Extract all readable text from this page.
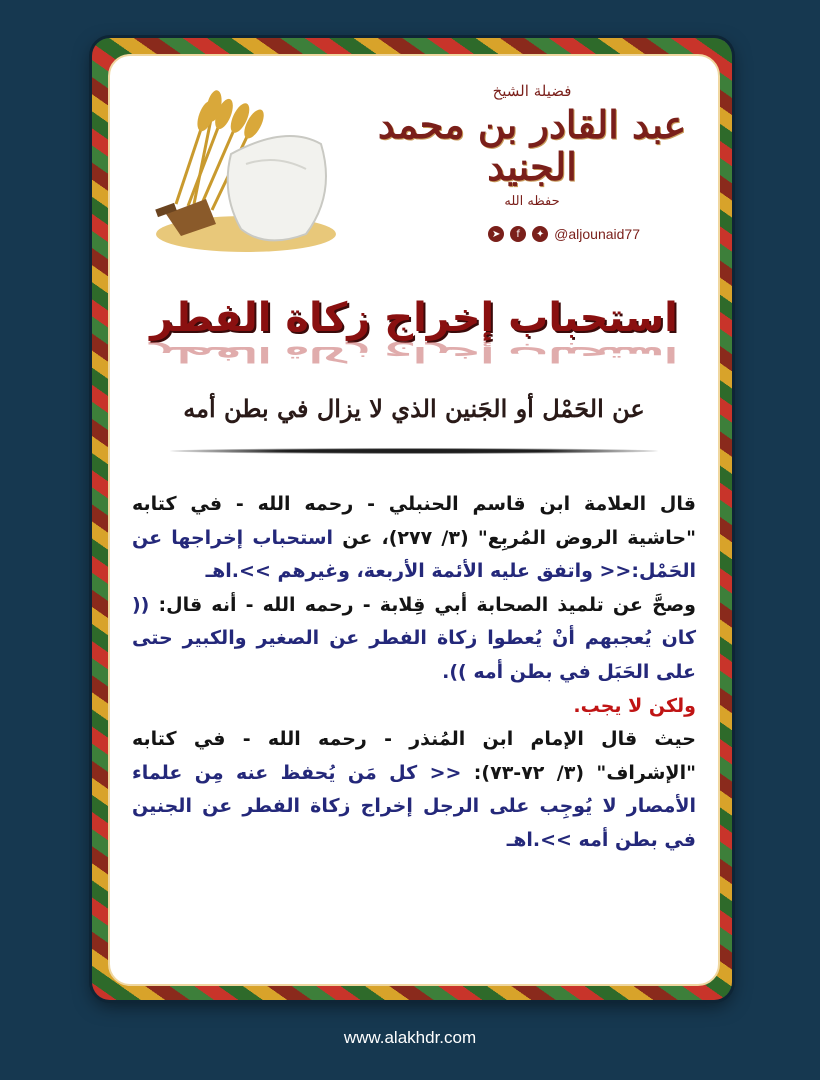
فضيلة الشيخ
عبد القادر بن محمد الجنيد
حفظه الله
➤	f	✦ @aljounaid77
استحباب إخراج زكاة الفطر
استحباب إخراج زكاة الفطر
عن الحَمْل أو الجَنين الذي لا يزال في بطن أمه

قال العلامة ابن قاسم الحنبلي - رحمه الله - في كتابه "حاشية الروض المُربِع" (٣/ ٢٧٧)، عن استحباب إخراجها عن الحَمْل:<< واتفق عليه الأئمة الأربعة، وغيرهم >>.اهـ

وصحَّ عن تلميذ الصحابة أبي قِلابة - رحمه الله - أنه قال: (( كان يُعجبهم أنْ يُعطوا زكاة الفطر عن الصغير والكبير حتى على الحَبَل في بطن أمه )).

ولكن لا يجب.

حيث قال الإمام ابن المُنذر - رحمه الله - في كتابه "الإشراف" (٣/ ٧٢-٧٣): << كل مَن يُحفظ عنه مِن علماء الأمصار لا يُوجِب على الرجل إخراج زكاة الفطر عن الجنين في بطن أمه >>.اهـ

www.alakhdr.com
